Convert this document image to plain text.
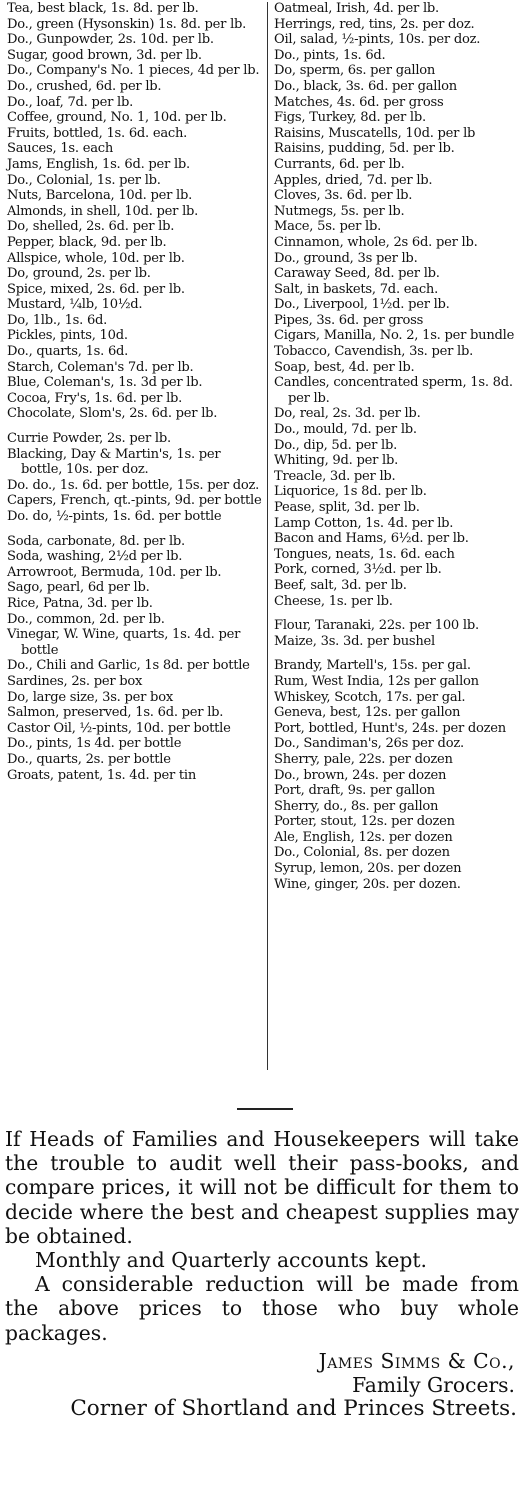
Tea, best black, 1s. 8d. per lb.
Do., green (Hysonskin) 1s. 8d. per lb.
Do., Gunpowder, 2s. 10d. per lb.
Sugar, good brown, 3d. per lb.
Do., Company's No. 1 pieces, 4d per lb.
Do., crushed, 6d. per lb.
Do., loaf, 7d. per lb.
Coffee, ground, No. 1, 10d. per lb.
Fruits, bottled, 1s. 6d. each.
Sauces, 1s. each
Jams, English, 1s. 6d. per lb.
Do., Colonial, 1s. per lb.
Nuts, Barcelona, 10d. per lb.
Almonds, in shell, 10d. per lb.
Do, shelled, 2s. 6d. per lb.
Pepper, black, 9d. per lb.
Allspice, whole, 10d. per lb.
Do, ground, 2s. per lb.
Spice, mixed, 2s. 6d. per lb.
Mustard, ¼lb, 10½d.
Do, 1lb., 1s. 6d.
Pickles, pints, 10d.
Do., quarts, 1s. 6d.
Starch, Coleman's 7d. per lb.
Blue, Coleman's, 1s. 3d per lb.
Cocoa, Fry's, 1s. 6d. per lb.
Chocolate, Slom's, 2s. 6d. per lb.
Currie Powder, 2s. per lb.
Blacking, Day & Martin's, 1s. per bottle, 10s. per doz.
Do. do., 1s. 6d. per bottle, 15s. per doz.
Capers, French, qt.-pints, 9d. per bottle
Do. do, ½-pints, 1s. 6d. per bottle
Soda, carbonate, 8d. per lb.
Soda, washing, 2½d per lb.
Arrowroot, Bermuda, 10d. per lb.
Sago, pearl, 6d per lb.
Rice, Patna, 3d. per lb.
Do., common, 2d. per lb.
Vinegar, W. Wine, quarts, 1s. 4d. per bottle
Do., Chili and Garlic, 1s 8d. per bottle
Sardines, 2s. per box
Do, large size, 3s. per box
Salmon, preserved, 1s. 6d. per lb.
Castor Oil, ½-pints, 10d. per bottle
Do., pints, 1s 4d. per bottle
Do., quarts, 2s. per bottle
Groats, patent, 1s. 4d. per tin
Oatmeal, Irish, 4d. per lb.
Herrings, red, tins, 2s. per doz.
Oil, salad, ½-pints, 10s. per doz.
Do., pints, 1s. 6d.
Do, sperm, 6s. per gallon
Do., black, 3s. 6d. per gallon
Matches, 4s. 6d. per gross
Figs, Turkey, 8d. per lb.
Raisins, Muscatells, 10d. per lb
Raisins, pudding, 5d. per lb.
Currants, 6d. per lb.
Apples, dried, 7d. per lb.
Cloves, 3s. 6d. per lb.
Nutmegs, 5s. per lb.
Mace, 5s. per lb.
Cinnamon, whole, 2s 6d. per lb.
Do., ground, 3s per lb.
Caraway Seed, 8d. per lb.
Salt, in baskets, 7d. each.
Do., Liverpool, 1½d. per lb.
Pipes, 3s. 6d. per gross
Cigars, Manilla, No. 2, 1s. per bundle
Tobacco, Cavendish, 3s. per lb.
Soap, best, 4d. per lb.
Candles, concentrated sperm, 1s. 8d. per lb.
Do, real, 2s. 3d. per lb.
Do., mould, 7d. per lb.
Do., dip, 5d. per lb.
Whiting, 9d. per lb.
Treacle, 3d. per lb.
Liquorice, 1s 8d. per lb.
Pease, split, 3d. per lb.
Lamp Cotton, 1s. 4d. per lb.
Bacon and Hams, 6½d. per lb.
Tongues, neats, 1s. 6d. each
Pork, corned, 3½d. per lb.
Beef, salt, 3d. per lb.
Cheese, 1s. per lb.
Flour, Taranaki, 22s. per 100 lb.
Maize, 3s. 3d. per bushel
Brandy, Martell's, 15s. per gal.
Rum, West India, 12s per gallon
Whiskey, Scotch, 17s. per gal.
Geneva, best, 12s. per gallon
Port, bottled, Hunt's, 24s. per dozen
Do., Sandiman's, 26s per doz.
Sherry, pale, 22s. per dozen
Do., brown, 24s. per dozen
Port, draft, 9s. per gallon
Sherry, do., 8s. per gallon
Porter, stout, 12s. per dozen
Ale, English, 12s. per dozen
Do., Colonial, 8s. per dozen
Syrup, lemon, 20s. per dozen
Wine, ginger, 20s. per dozen.
If Heads of Families and Housekeepers will take the trouble to audit well their pass-books, and compare prices, it will not be difficult for them to decide where the best and cheapest supplies may be obtained.
Monthly and Quarterly accounts kept.
A considerable reduction will be made from the above prices to those who buy whole packages.
James Simms & Co.,
Family Grocers.
Corner of Shortland and Princes Streets.
